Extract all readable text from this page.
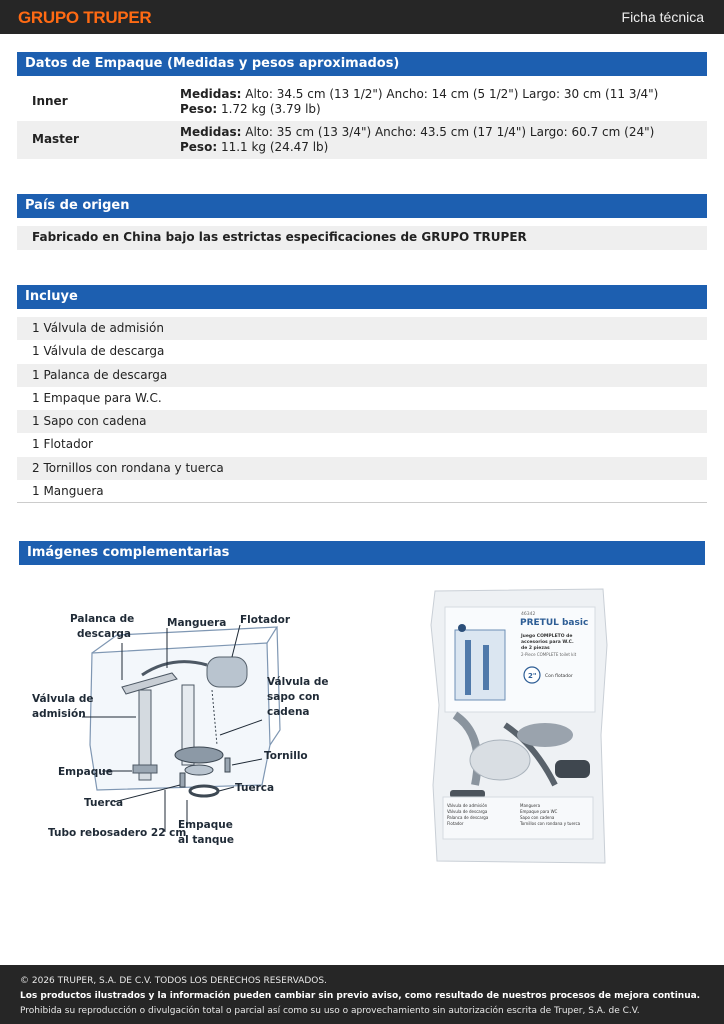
GRUPO TRUPER	Ficha técnica
Datos de Empaque (Medidas y pesos aproximados)
Inner	Medidas: Alto: 34.5 cm (13 1/2") Ancho: 14 cm (5 1/2") Largo: 30 cm (11 3/4") Peso: 1.72 kg (3.79 lb)
Master	Medidas: Alto: 35 cm (13 3/4") Ancho: 43.5 cm (17 1/4") Largo: 60.7 cm (24") Peso: 11.1 kg (24.47 lb)
País de origen
Fabricado en China bajo las estrictas especificaciones de GRUPO TRUPER
Incluye
1 Válvula de admisión
1 Válvula de descarga
1 Palanca de descarga
1 Empaque para W.C.
1 Sapo con cadena
1 Flotador
2 Tornillos con rondana y tuerca
1 Manguera
Imágenes complementarias
Palanca de
descarga
Manguera Flotador
Válvula de
admisión
Válvula de
sapo con
cadena
Tornillo
Empaque
Tuerca
Tuerca
Tubo rebosadero 22 cm
Empaque
al tanque
PRETUL basic
46342
Juego COMPLETO de
accesorios para W.C.
de 2 piezas
2-Piece COMPLETE toilet kit
2" Con flotador
Válvula de admisión
Válvula de descarga
Palanca de descarga
Flotador
Manguera
Empaque para WC
Sapo con cadena
Tornillos con rondana y tuerca
© 2026 TRUPER, S.A. DE C.V. TODOS LOS DERECHOS RESERVADOS.
Los productos ilustrados y la información pueden cambiar sin previo aviso, como resultado de nuestros procesos de mejora continua.
Prohibida su reproducción o divulgación total o parcial así como su uso o aprovechamiento sin autorización escrita de Truper, S.A. de C.V.
